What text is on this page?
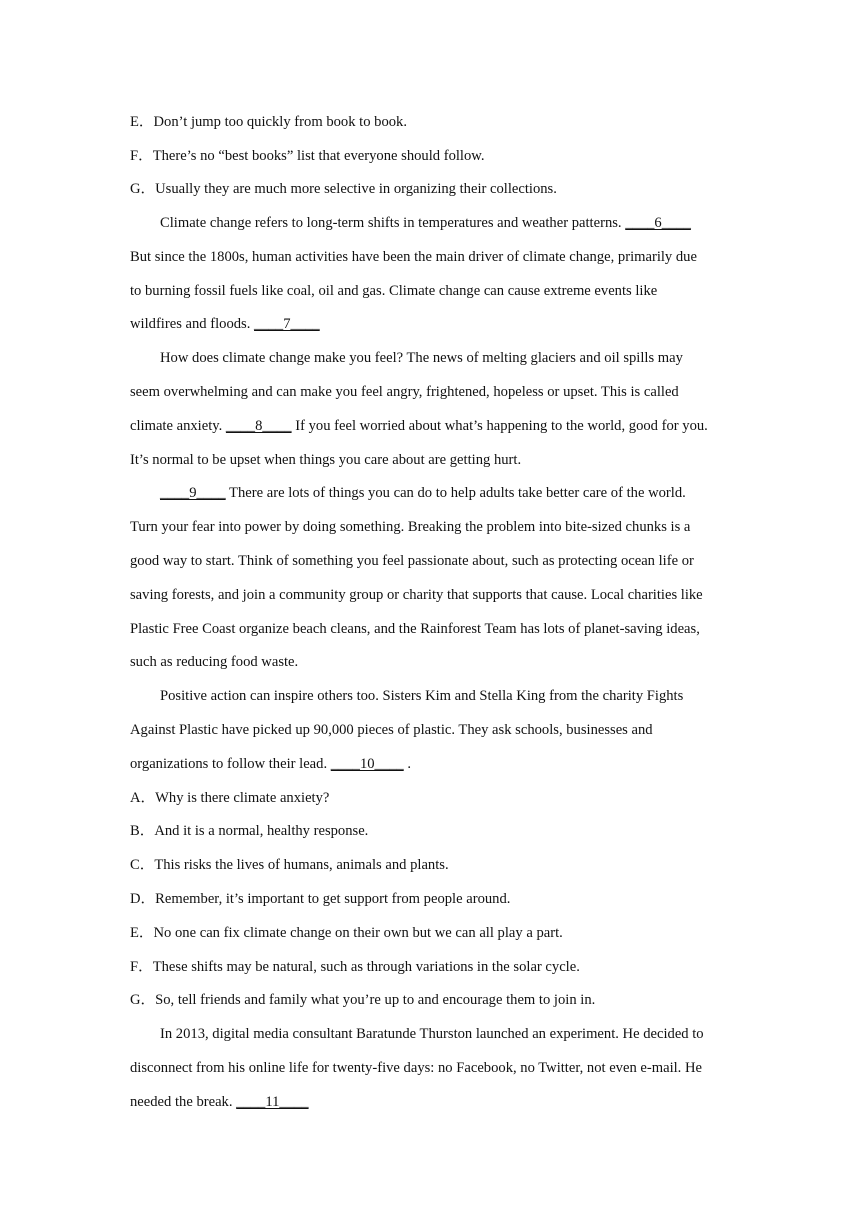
E．Don’t jump too quickly from book to book.
F．There’s no “best books” list that everyone should follow.
G．Usually they are much more selective in organizing their collections.
Climate change refers to long-term shifts in temperatures and weather patterns. ____6____
But since the 1800s, human activities have been the main driver of climate change, primarily due
to burning fossil fuels like coal, oil and gas. Climate change can cause extreme events like
wildfires and floods. ____7____
How does climate change make you feel? The news of melting glaciers and oil spills may
seem overwhelming and can make you feel angry, frightened, hopeless or upset. This is called
climate anxiety. ____8____ If you feel worried about what’s happening to the world, good for you.
It’s normal to be upset when things you care about are getting hurt.
____9____ There are lots of things you can do to help adults take better care of the world.
Turn your fear into power by doing something. Breaking the problem into bite-sized chunks is a
good way to start. Think of something you feel passionate about, such as protecting ocean life or
saving forests, and join a community group or charity that supports that cause. Local charities like
Plastic Free Coast organize beach cleans, and the Rainforest Team has lots of planet-saving ideas,
such as reducing food waste.
Positive action can inspire others too. Sisters Kim and Stella King from the charity Fights
Against Plastic have picked up 90,000 pieces of plastic. They ask schools, businesses and
organizations to follow their lead. ____10____ .
A．Why is there climate anxiety?
B．And it is a normal, healthy response.
C．This risks the lives of humans, animals and plants.
D．Remember, it’s important to get support from people around.
E．No one can fix climate change on their own but we can all play a part.
F．These shifts may be natural, such as through variations in the solar cycle.
G．So, tell friends and family what you’re up to and encourage them to join in.
In 2013, digital media consultant Baratunde Thurston launched an experiment. He decided to
disconnect from his online life for twenty-five days: no Facebook, no Twitter, not even e-mail. He
needed the break. ____11____
